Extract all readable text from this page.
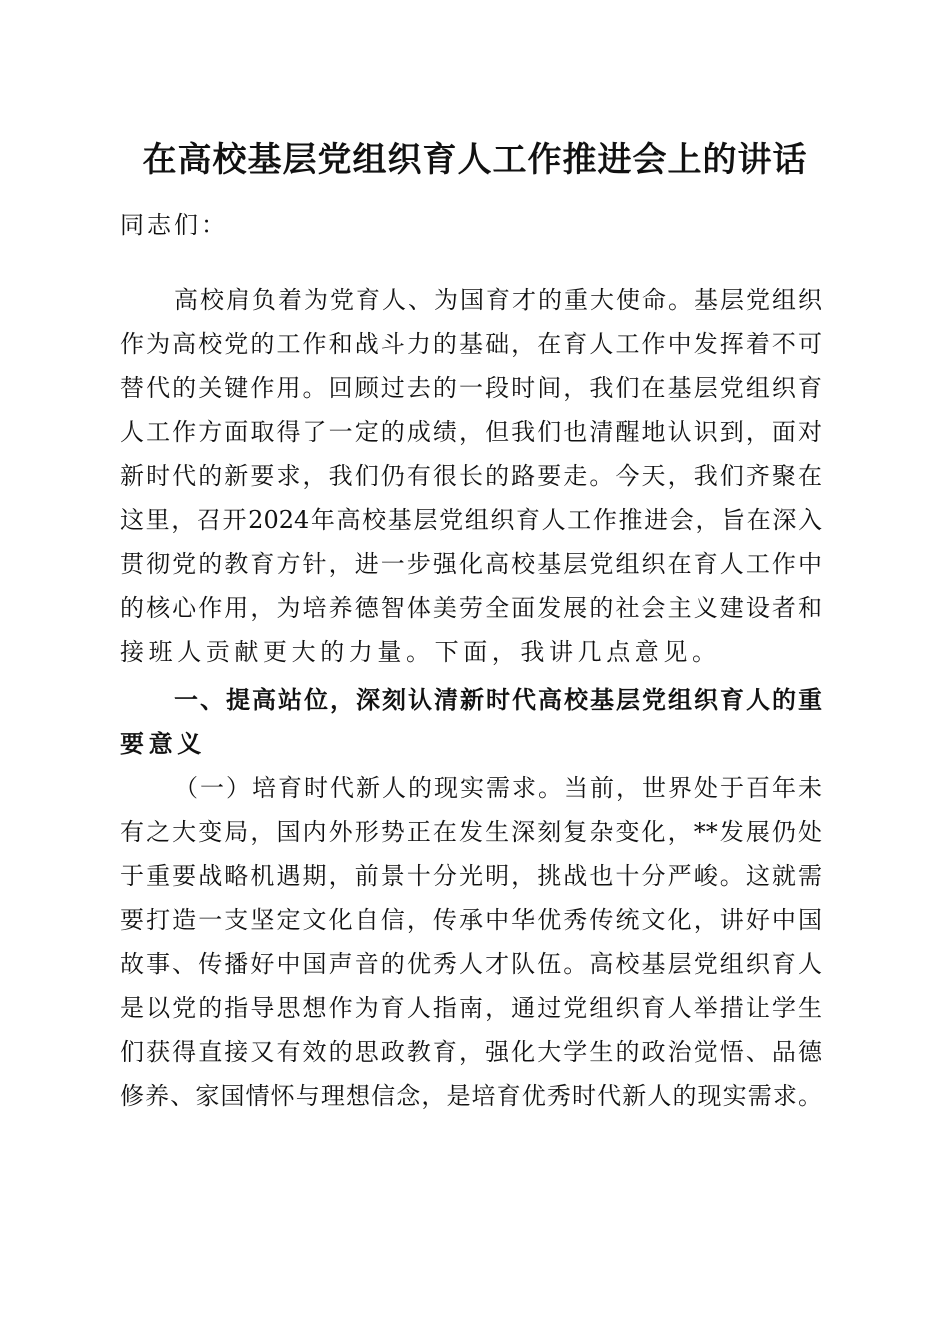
在高校基层党组织育人工作推进会上的讲话
同志们：
高校肩负着为党育人、为国育才的重大使命。基层党组织
作为高校党的工作和战斗力的基础，在育人工作中发挥着不可
替代的关键作用。回顾过去的一段时间，我们在基层党组织育
人工作方面取得了一定的成绩，但我们也清醒地认识到，面对
新时代的新要求，我们仍有很长的路要走。今天，我们齐聚在
这里，召开2024年高校基层党组织育人工作推进会，旨在深入
贯彻党的教育方针，进一步强化高校基层党组织在育人工作中
的核心作用，为培养德智体美劳全面发展的社会主义建设者和
接班人贡献更大的力量。下面，我讲几点意见。
一、提高站位，深刻认清新时代高校基层党组织育人的重
要意义
（一）培育时代新人的现实需求。当前，世界处于百年未
有之大变局，国内外形势正在发生深刻复杂变化，**发展仍处
于重要战略机遇期，前景十分光明，挑战也十分严峻。这就需
要打造一支坚定文化自信，传承中华优秀传统文化，讲好中国
故事、传播好中国声音的优秀人才队伍。高校基层党组织育人
是以党的指导思想作为育人指南，通过党组织育人举措让学生
们获得直接又有效的思政教育，强化大学生的政治觉悟、品德
修养、家国情怀与理想信念，是培育优秀时代新人的现实需求。
